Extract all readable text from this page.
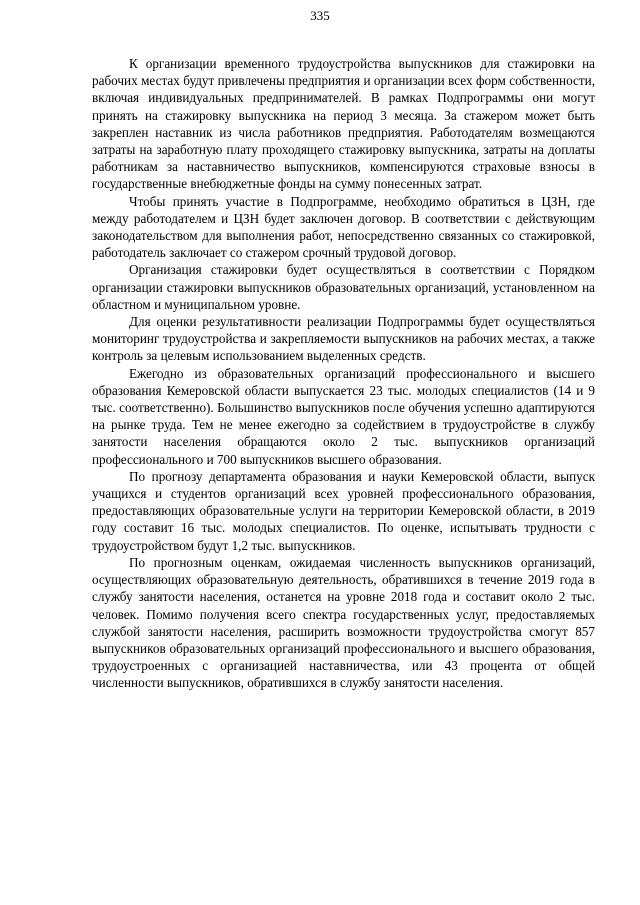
335

К организации временного трудоустройства выпускников для стажировки на рабочих местах будут привлечены предприятия и организации всех форм собственности, включая индивидуальных предпринимателей. В рамках Подпрограммы они могут принять на стажировку выпускника на период 3 месяца. За стажером может быть закреплен наставник из числа работников предприятия. Работодателям возмещаются затраты на заработную плату проходящего стажировку выпускника, затраты на доплаты работникам за наставничество выпускников, компенсируются страховые взносы в государственные внебюджетные фонды на сумму понесенных затрат.

Чтобы принять участие в Подпрограмме, необходимо обратиться в ЦЗН, где между работодателем и ЦЗН будет заключен договор. В соответствии с действующим законодательством для выполнения работ, непосредственно связанных со стажировкой, работодатель заключает со стажером срочный трудовой договор.

Организация стажировки будет осуществляться в соответствии с Порядком организации стажировки выпускников образовательных организаций, установленном на областном и муниципальном уровне.

Для оценки результативности реализации Подпрограммы будет осуществляться мониторинг трудоустройства и закрепляемости выпускников на рабочих местах, а также контроль за целевым использованием выделенных средств.

Ежегодно из образовательных организаций профессионального и высшего образования Кемеровской области выпускается 23 тыс. молодых специалистов (14 и 9 тыс. соответственно). Большинство выпускников после обучения успешно адаптируются на рынке труда. Тем не менее ежегодно за содействием в трудоустройстве в службу занятости населения обращаются около 2 тыс. выпускников организаций профессионального и 700 выпускников высшего образования.

По прогнозу департамента образования и науки Кемеровской области, выпуск учащихся и студентов организаций всех уровней профессионального образования, предоставляющих образовательные услуги на территории Кемеровской области, в 2019 году составит 16 тыс. молодых специалистов. По оценке, испытывать трудности с трудоустройством будут 1,2 тыс. выпускников.

По прогнозным оценкам, ожидаемая численность выпускников организаций, осуществляющих образовательную деятельность, обратившихся в течение 2019 года в службу занятости населения, останется на уровне 2018 года и составит около 2 тыс. человек. Помимо получения всего спектра государственных услуг, предоставляемых службой занятости населения, расширить возможности трудоустройства смогут 857 выпускников образовательных организаций профессионального и высшего образования, трудоустроенных с организацией наставничества, или 43 процента от общей численности выпускников, обратившихся в службу занятости населения.
